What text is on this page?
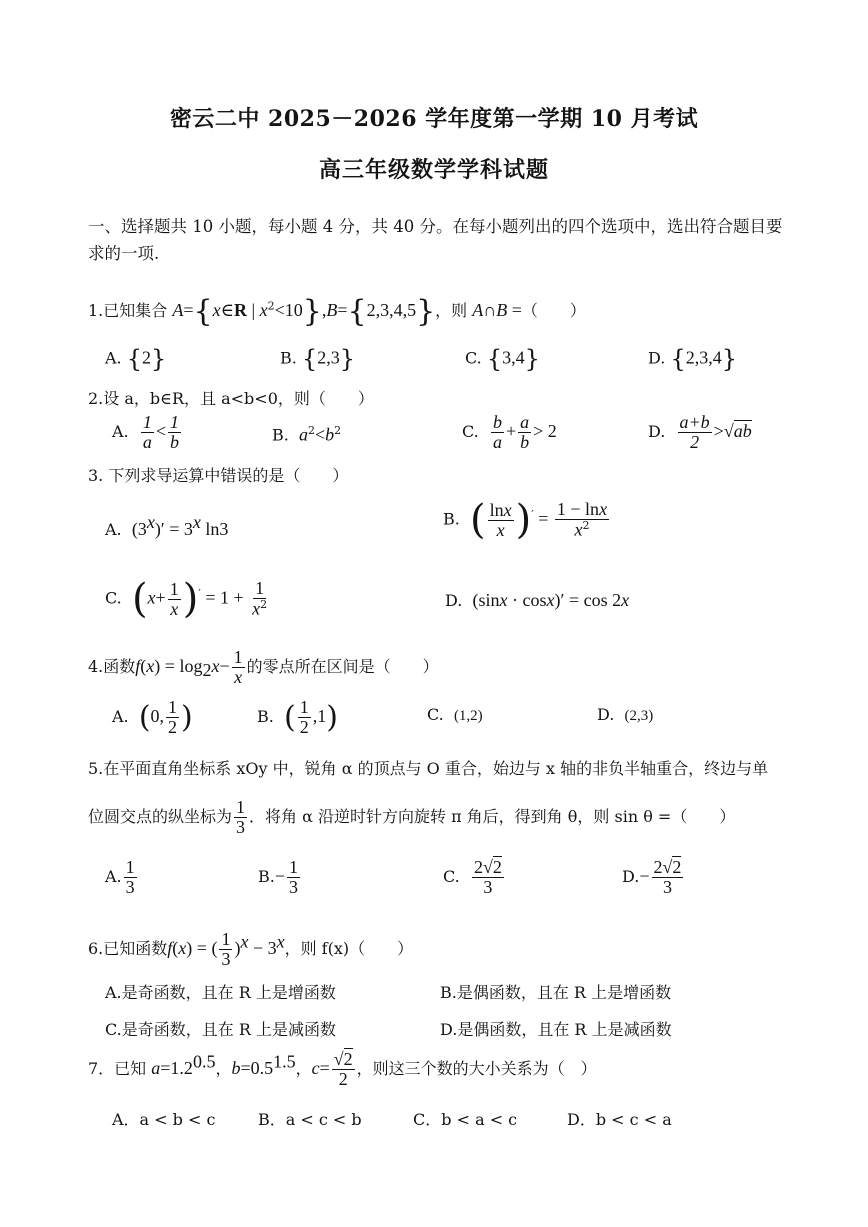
密云二中 2025－2026 学年度第一学期 10 月考试
高三年级数学学科试题
一、选择题共 10 小题，每小题 4 分，共 40 分。在每小题列出的四个选项中，选出符合题目要求的一项.
1.已知集合 A={x∈R | $x^2<10\},B=\{2,3,4,5\}$，则 A∩B =（　　）
A. {2}	B. {2,3}	C. {3,4}	D. {2,3,4}
2.设 a，b∈R，且 a<b<0，则（　　）
A. $\frac{1}{a} < \frac{1}{b}$	B. $a^2<b^2$	C. $\frac{b}{a} + \frac{a}{b} > 2$	D. $\frac{a+b}{2} >√ab$
3. 下列求导运算中错误的是（　　）
A. $(3^x)' = 3^x$ ln3	B. ( $\frac{\ln x}{x} )' = \frac{1 - \ln x}{x^2}$
C. $(x+ \frac{1}{x} )' = 1 + \frac{1}{x^2}$	D. (sinx · cosx)′ = cos 2x
4.函数$f(x) = \log_2x- \frac{1}{x}$ 的零点所在区间是（　　）
A. (0, $\frac{1}{2}$ )	B. ( $\frac{1}{2} ,1$)	C. (1,2)	D. (2,3)
5.在平面直角坐标系 xOy 中，锐角 α 的顶点与 O 重合，始边与 x 轴的非负半轴重合，终边与单
位圆交点的纵坐标为 $\frac{1}{3}$ ．将角 α 沿逆时针方向旋转 π 角后，得到角 θ，则 sin θ =（　　）
A. $\frac{1}{3}$	$B.- \frac{1}{3}$	C. $\frac{2√2}{3}$	$D.- \frac{2√2}{3}$
6.已知函数f(x) = ( $\frac{1}{3} )^x - 3^x$，则 f(x)（　　）
A.是奇函数，且在 R 上是增函数	B.是偶函数，且在 R 上是增函数
C.是奇函数，且在 R 上是减函数	D.是偶函数，且在 R 上是减函数
7．已知 $a=1.2^{0.5}$，$b=0.5^{1.5}$，$c= \frac{√2}{2}$ ，则这三个数的大小关系为（　）
A．a < b < c	B．a < c < b	C．b < a < c	D．b < c < a
